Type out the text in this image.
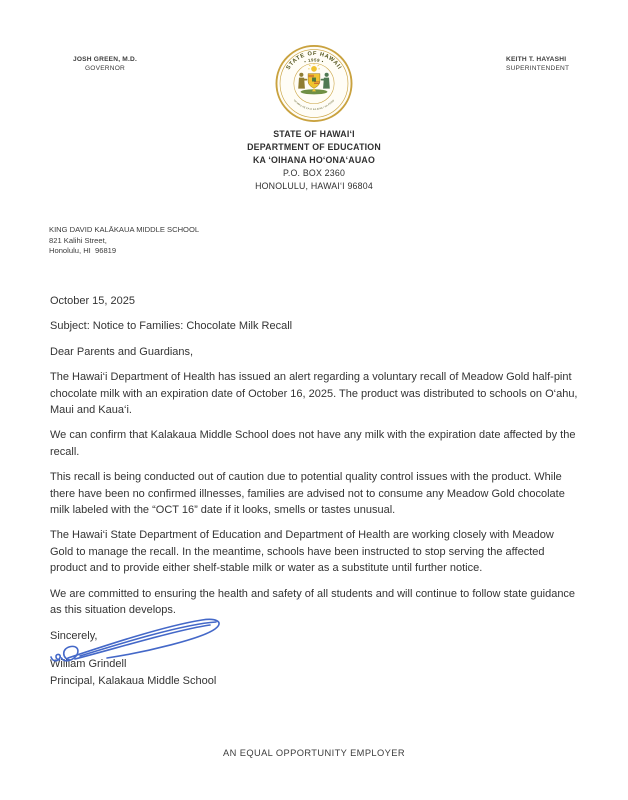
JOSH GREEN, M.D.
GOVERNOR
KEITH T. HAYASHI
SUPERINTENDENT
STATE OF HAWAII
• 1959 •
UA MAU KE EA O KA AINA I KA PONO
STATE OF HAWAI‘I
DEPARTMENT OF EDUCATION
KA ‘OIHANA HO‘ONA‘AUAO
P.O. BOX 2360
HONOLULU, HAWAI‘I 96804
KING DAVID KALĀKAUA MIDDLE SCHOOL
821 Kalihi Street,
Honolulu, HI  96819
October 15, 2025
Subject: Notice to Families: Chocolate Milk Recall
Dear Parents and Guardians,

The Hawai‘i Department of Health has issued an alert regarding a voluntary recall of Meadow Gold half-pint chocolate milk with an expiration date of October 16, 2025. The product was distributed to schools on O‘ahu, Maui and Kaua‘i.

We can confirm that Kalakaua Middle School does not have any milk with the expiration date affected by the recall.

This recall is being conducted out of caution due to potential quality control issues with the product. While there have been no confirmed illnesses, families are advised not to consume any Meadow Gold chocolate milk labeled with the “OCT 16” date if it looks, smells or tastes unusual.

The Hawai‘i State Department of Education and Department of Health are working closely with Meadow Gold to manage the recall. In the meantime, schools have been instructed to stop serving the affected product and to provide either shelf-stable milk or water as a substitute until further notice.

We are committed to ensuring the health and safety of all students and will continue to follow state guidance as this situation develops.

Sincerely,
William Grindell
Principal, Kalakaua Middle School
AN EQUAL OPPORTUNITY EMPLOYER
